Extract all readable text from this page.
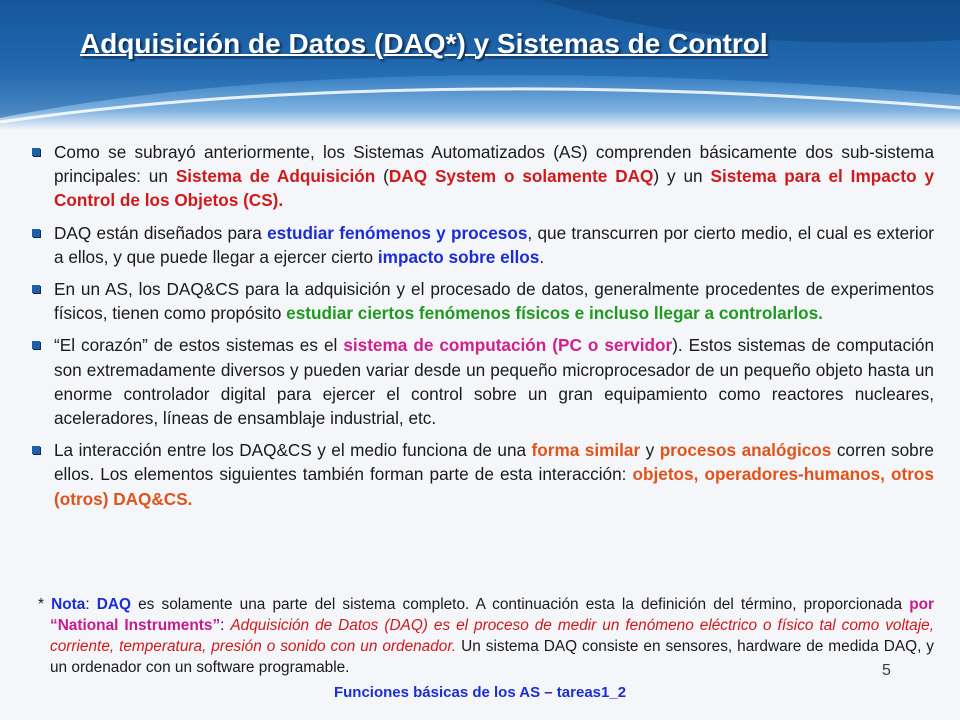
Adquisición de Datos (DAQ*) y Sistemas de Control
Como se subrayó anteriormente, los Sistemas Automatizados (AS) comprenden básicamente dos sub-sistema principales: un Sistema de Adquisición (DAQ System o solamente DAQ) y un Sistema para el Impacto y Control de los Objetos (CS).
DAQ están diseñados para estudiar fenómenos y procesos, que transcurren por cierto medio, el cual es exterior a ellos, y que puede llegar a ejercer cierto impacto sobre ellos.
En un AS, los DAQ&CS para la adquisición y el procesado de datos, generalmente procedentes de experimentos físicos, tienen como propósito estudiar ciertos fenómenos físicos e incluso llegar a controlarlos.
“El corazón” de estos sistemas es el sistema de computación (PC o servidor). Estos sistemas de computación son extremadamente diversos y pueden variar desde un pequeño microprocesador de un pequeño objeto hasta un enorme controlador digital para ejercer el control sobre un gran equipamiento como reactores nucleares, aceleradores, líneas de ensamblaje industrial, etc.
La interacción entre los DAQ&CS y el medio funciona de una forma similar y procesos analógicos corren sobre ellos. Los elementos siguientes también forman parte de esta interacción: objetos, operadores-humanos, otros (otros) DAQ&CS.
* Nota: DAQ es solamente una parte del sistema completo. A continuación esta la definición del término, proporcionada por “National Instruments”: Adquisición de Datos (DAQ) es el proceso de medir un fenómeno eléctrico o físico tal como voltaje, corriente, temperatura, presión o sonido con un ordenador. Un sistema DAQ consiste en sensores, hardware de medida DAQ, y un ordenador con un software programable.	5
Funciones básicas de los AS – tareas1_2
